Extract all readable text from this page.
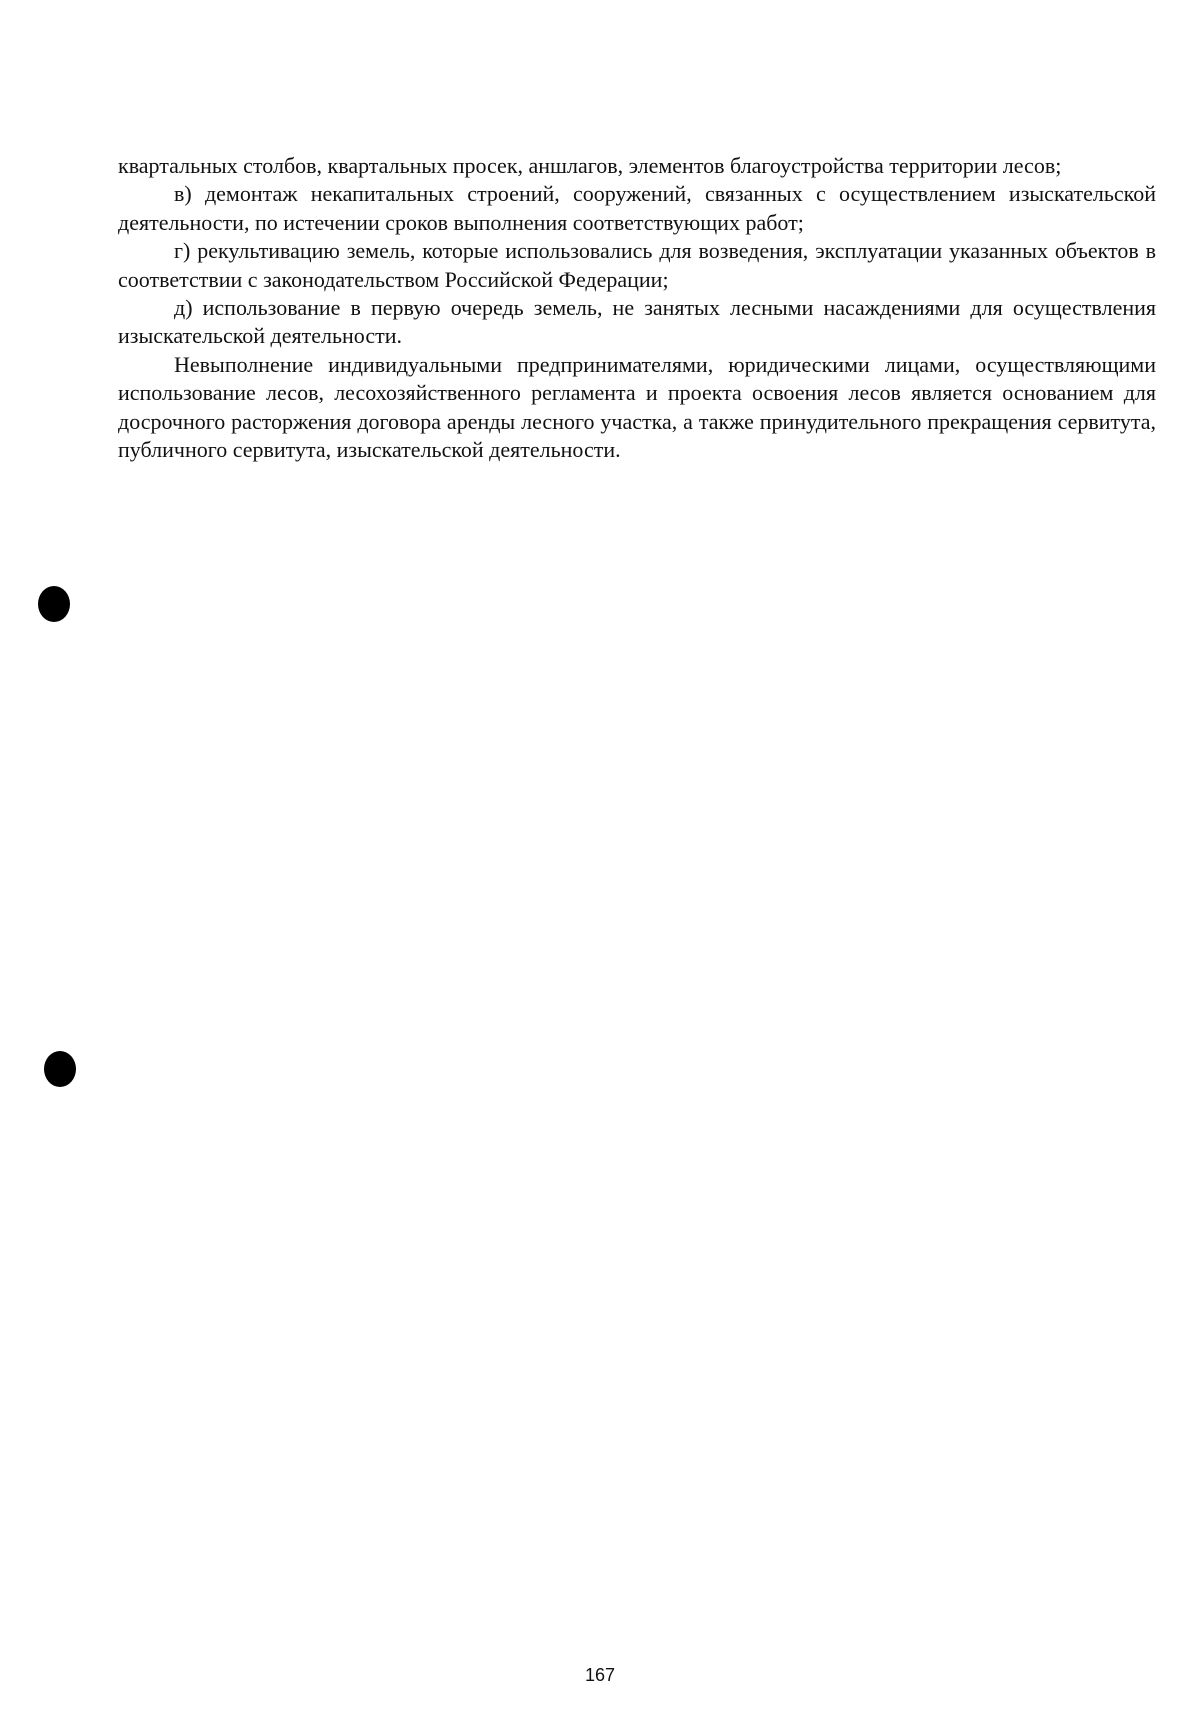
квартальных столбов, квартальных просек, аншлагов, элементов благоустройства территории лесов;

в) демонтаж некапитальных строений, сооружений, связанных с осуществлением изыскательской деятельности, по истечении сроков выполнения соответствующих работ;

г) рекультивацию земель, которые использовались для возведения, эксплуатации указанных объектов в соответствии с законодательством Российской Федерации;

д) использование в первую очередь земель, не занятых лесными насаждениями для осуществления изыскательской деятельности.

Невыполнение индивидуальными предпринимателями, юридическими лицами, осуществляющими использование лесов, лесохозяйственного регламента и проекта освоения лесов является основанием для досрочного расторжения договора аренды лесного участка, а также принудительного прекращения сервитута, публичного сервитута, изыскательской деятельности.

167
